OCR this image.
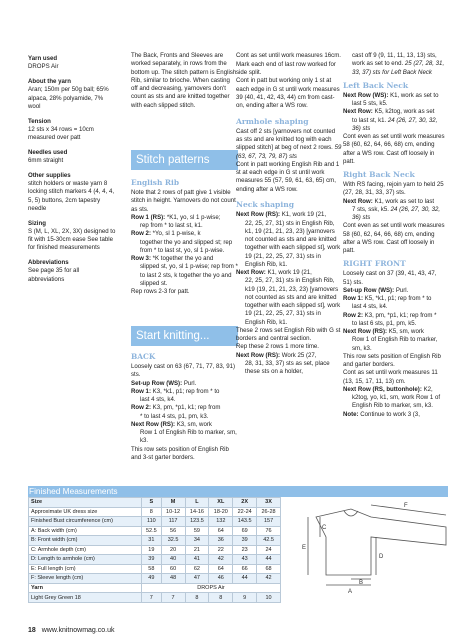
Yarn used
DROPS Air

About the yarn
Aran; 150m per 50g ball; 65% alpaca, 28% polyamide, 7% wool

Tension
12 sts x 34 rows = 10cm measured over patt

Needles used
6mm straight

Other supplies
stitch holders or waste yarn 8 locking stitch markers 4 (4, 4, 4, 5, 5) buttons, 2cm tapestry needle

Sizing
S (M, L, XL, 2X, 3X) designed to fit with 15-30cm ease See table for finished measurements

Abbreviations
See page 35 for all abbreviations

The Back, Fronts and Sleeves are worked separately, in rows from the bottom up. The stitch pattern is English Rib, similar to brioche. When casting off and decreasing, yarnovers don't count as sts and are knitted together with each slipped stitch.

Stitch patterns
English Rib

Note that 2 rows of patt give 1 visible stitch in height. Yarnovers do not count as sts.

Row 1 (RS): *K1, yo, sl 1 p-wise;
rep from * to last st, k1.
Row 2: *Yo, sl 1 p-wise, k
together the yo and slipped st; rep from * to last st, yo, sl 1 p-wise.
Row 3: *K together the yo and
slipped st, yo, sl 1 p-wise; rep from * to last 2 sts, k together the yo and slipped st.
Rep rows 2-3 for patt.
Start knitting...
BACK
Loosely cast on 63 (67, 71, 77, 83, 91) sts.
Set-up Row (WS): Purl.
Row 1: K3, *k1, p1; rep from * to
last 4 sts, k4.
Row 2: K3, pm, *p1, k1; rep from
* to last 4 sts, p1, pm, k3.
Next Row (RS): K3, sm, work
Row 1 of English Rib to marker, sm, k3.
This row sets position of English Rib and 3-st garter borders.

Cont as set until work measures 16cm.

Mark each end of last row worked for side split.

Cont in patt but working only 1 st at each edge in G st until work measures 39 (40, 41, 42, 43, 44) cm from cast-on, ending after a WS row.

Armhole shaping
Cast off 2 sts [yarnovers not counted as sts and are knitted tog with each slipped stitch] at beg of next 2 rows. 59 (63, 67, 73, 79, 87) sts

Cont in patt working English Rib and 1 st at each edge in G st until work measures 55 (57, 59, 61, 63, 65) cm, ending after a WS row.

Neck shaping
Next Row (RS): K1, work 19 (21,
22, 25, 27, 31) sts in English Rib, k1, 19 (21, 21, 23, 23) [yarnovers not counted as sts and are knitted together with each slipped st], work 19 (21, 22, 25, 27, 31) sts in English Rib, k1.
Next Row: K1, work 19 (21,
22, 25, 27, 31) sts in English Rib, k19 (19, 21, 21, 23, 23) [yarnovers not counted as sts and are knitted together with each slipped st], work 19 (21, 22, 25, 27, 31) sts in English Rib, k1.
These 2 rows set English Rib with G st borders and central section.
Rep these 2 rows 1 more time.
Next Row (RS): Work 25 (27,
28, 31, 33, 37) sts as set, place these sts on a holder,
cast off 9 (9, 11, 11, 13, 13) sts, work as set to end. 25 (27, 28, 31, 33, 37) sts for Left Back Neck
Left Back Neck
Next Row (WS): K1, work as set to
last 5 sts, k5.
Next Row: K5, k2tog, work as set
to last st, k1. 24 (26, 27, 30, 32, 36) sts
Cont even as set until work measures 58 (60, 62, 64, 66, 68) cm, ending after a WS row. Cast off loosely in patt.
Right Back Neck
With RS facing, rejoin yarn to held 25 (27, 28, 31, 33, 37) sts.
Next Row: K1, work as set to last
7 sts, ssk, k5. 24 (26, 27, 30, 32, 36) sts
Cont even as set until work measures 58 (60, 62, 64, 66, 68) cm, ending after a WS row. Cast off loosely in patt.
RIGHT FRONT
Loosely cast on 37 (39, 41, 43, 47, 51) sts.
Set-up Row (WS): Purl.
Row 1: K5, *k1, p1; rep from * to
last 4 sts, k4.
Row 2: K3, pm, *p1, k1; rep from *
to last 6 sts, p1, pm, k5.
Next Row (RS): K5, sm, work
Row 1 of English Rib to marker, sm, k3.
This row sets position of English Rib and garter borders.
Cont as set until work measures 11 (13, 15, 17, 11, 13) cm.
Next Row (RS, buttonhole): K2,
k2tog, yo, k1, sm, work Row 1 of English Rib to marker, sm, k3.
Note: Continue to work 3 (3,
Finished Measurements
Size	S	M	L	XL	2X	3X
Approximate UK dress size	8	10-12	14-16	18-20	22-24	26-28
Finished Bust circumference (cm)	110	117	123.5	132	143.5	157
A: Back width (cm)	52.5	56	59	64	69	76
B: Front width (cm)	31	32.5	34	36	39	42.5
C: Armhole depth (cm)	19	20	21	22	23	24
D: Length to armhole (cm)	39	40	41	42	43	44
E: Full length (cm)	58	60	62	64	66	68
F: Sleeve length (cm)	49	48	47	46	44	42
Yarn	DROPS Air					
Light Grey Green 18	7	7	8	8	9	10
A
B
C
D
E
F
18 www.knitnowmag.co.uk
